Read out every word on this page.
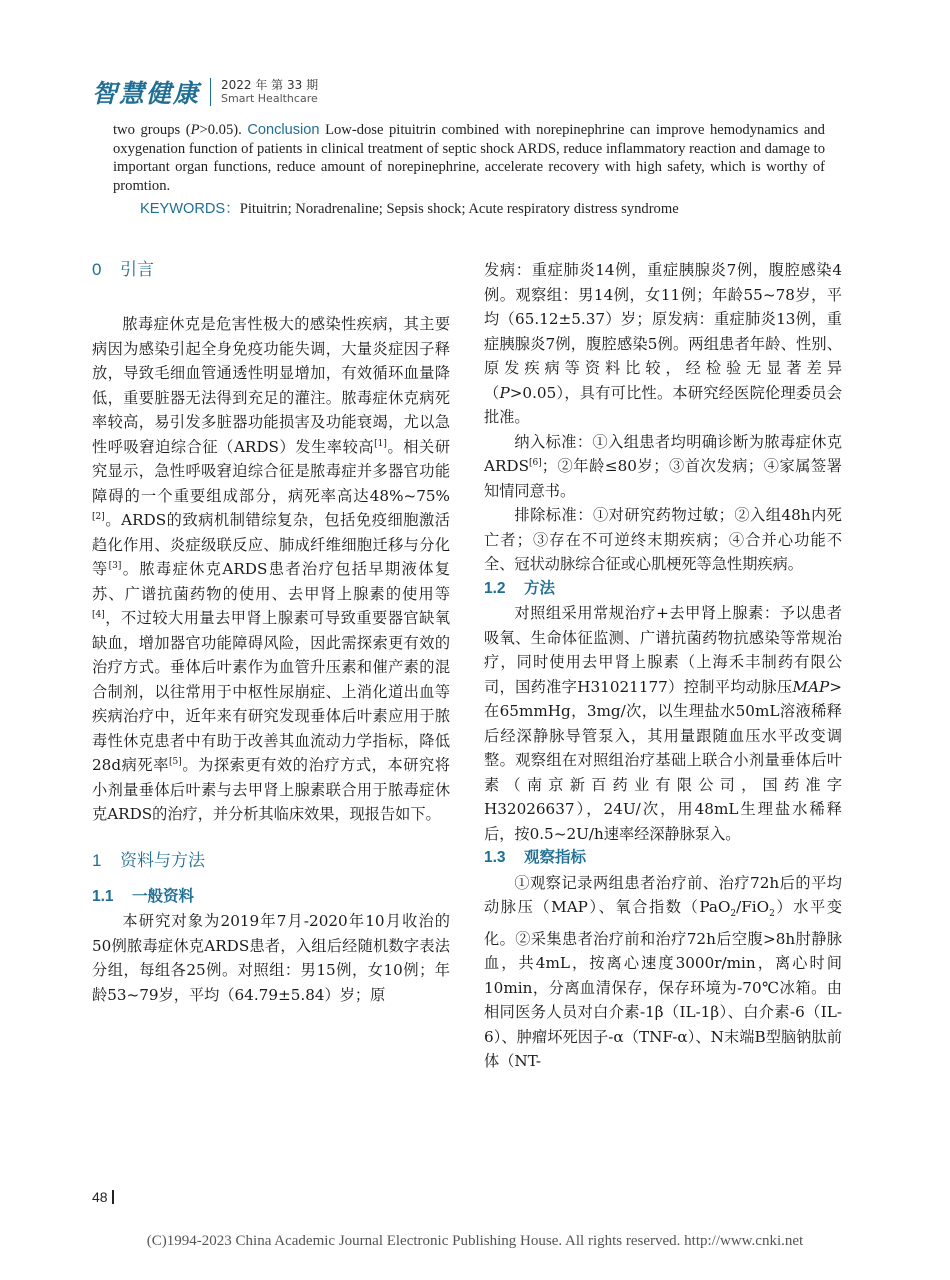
智慧健康 2022 年 第 33 期
Smart Healthcare
two groups (P>0.05). Conclusion Low-dose pituitrin combined with norepinephrine can improve hemodynamics and oxygenation function of patients in clinical treatment of septic shock ARDS, reduce inflammatory reaction and damage to important organ functions, reduce amount of norepinephrine, accelerate recovery with high safety, which is worthy of promtion.
KEYWORDS：Pituitrin; Noradrenaline; Sepsis shock; Acute respiratory distress syndrome
0 引言

脓毒症休克是危害性极大的感染性疾病，其主要病因为感染引起全身免疫功能失调，大量炎症因子释放，导致毛细血管通透性明显增加，有效循环血量降低，重要脏器无法得到充足的灌注。脓毒症休克病死率较高，易引发多脏器功能损害及功能衰竭，尤以急性呼吸窘迫综合征（ARDS）发生率较高[1]。相关研究显示，急性呼吸窘迫综合征是脓毒症并多器官功能障碍的一个重要组成部分，病死率高达48%~75%[2]。ARDS的致病机制错综复杂，包括免疫细胞激活趋化作用、炎症级联反应、肺成纤维细胞迁移与分化等[3]。脓毒症休克ARDS患者治疗包括早期液体复苏、广谱抗菌药物的使用、去甲肾上腺素的使用等[4]，不过较大用量去甲肾上腺素可导致重要器官缺氧缺血，增加器官功能障碍风险，因此需探索更有效的治疗方式。垂体后叶素作为血管升压素和催产素的混合制剂，以往常用于中枢性尿崩症、上消化道出血等疾病治疗中，近年来有研究发现垂体后叶素应用于脓毒性休克患者中有助于改善其血流动力学指标，降低28d病死率[5]。为探索更有效的治疗方式，本研究将小剂量垂体后叶素与去甲肾上腺素联合用于脓毒症休克ARDS的治疗，并分析其临床效果，现报告如下。

1 资料与方法
1.1 一般资料

本研究对象为2019年7月-2020年10月收治的50例脓毒症休克ARDS患者，入组后经随机数字表法分组，每组各25例。对照组：男15例，女10例；年龄53~79岁，平均（64.79±5.84）岁；原

发病：重症肺炎14例，重症胰腺炎7例，腹腔感染4例。观察组：男14例，女11例；年龄55~78岁，平均（65.12±5.37）岁；原发病：重症肺炎13例，重症胰腺炎7例，腹腔感染5例。两组患者年龄、性别、原发疾病等资料比较，经检验无显著差异（P>0.05），具有可比性。本研究经医院伦理委员会批准。

纳入标准：①入组患者均明确诊断为脓毒症休克ARDS[6]；②年龄≤80岁；③首次发病；④家属签署知情同意书。

排除标准：①对研究药物过敏；②入组48h内死亡者；③存在不可逆终末期疾病；④合并心功能不全、冠状动脉综合征或心肌梗死等急性期疾病。

1.2 方法

对照组采用常规治疗+去甲肾上腺素：予以患者吸氧、生命体征监测、广谱抗菌药物抗感染等常规治疗，同时使用去甲肾上腺素（上海禾丰制药有限公司，国药准字H31021177）控制平均动脉压MAP>在65mmHg，3mg/次，以生理盐水50mL溶液稀释后经深静脉导管泵入，其用量跟随血压水平改变调整。观察组在对照组治疗基础上联合小剂量垂体后叶素（南京新百药业有限公司，国药准字H32026637），24U/次，用48mL生理盐水稀释后，按0.5~2U/h速率经深静脉泵入。

1.3 观察指标

①观察记录两组患者治疗前、治疗72h后的平均动脉压（MAP）、氧合指数（PaO$_2$/FiO$_2$）水平变化。②采集患者治疗前和治疗72h后空腹>8h肘静脉血，共4mL，按离心速度3000r/min，离心时间10min，分离血清保存，保存环境为-70℃冰箱。由相同医务人员对白介素-1β（IL-1β）、白介素-6（IL-6）、肿瘤坏死因子-α（TNF-α）、N末端B型脑钠肽前体（NT-

48
(C)1994-2023 China Academic Journal Electronic Publishing House. All rights reserved. http://www.cnki.net
